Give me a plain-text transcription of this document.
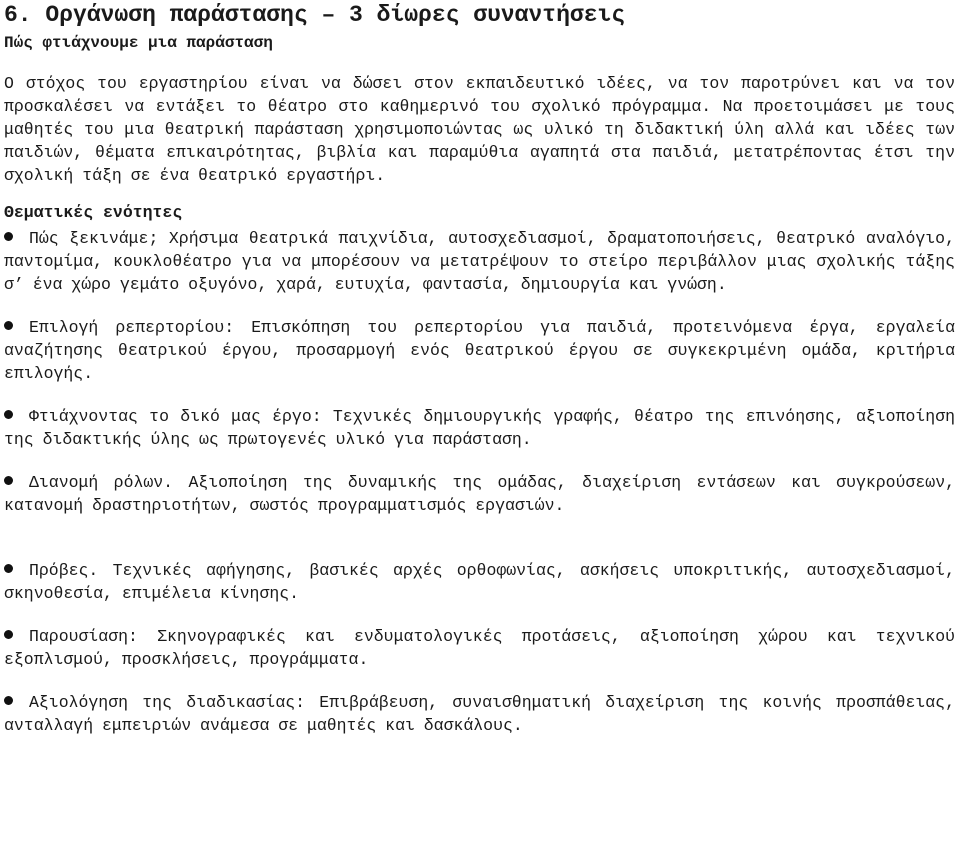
6. Οργάνωση παράστασης – 3 δίωρες συναντήσεις
Πώς φτιάχνουμε μια παράσταση

Ο στόχος του εργαστηρίου είναι να δώσει στον εκπαιδευτικό ιδέες, να τον παροτρύνει και να τον προσκαλέσει να εντάξει το θέατρο στο καθημερινό του σχολικό πρόγραμμα. Να προετοιμάσει με τους μαθητές του μια θεατρική παράσταση χρησιμοποιώντας ως υλικό τη διδακτική ύλη αλλά και ιδέες των παιδιών, θέματα επικαιρότητας, βιβλία και παραμύθια αγαπητά στα παιδιά, μετατρέποντας έτσι την σχολική τάξη σε ένα θεατρικό εργαστήρι.

Θεματικές ενότητες

Πώς ξεκινάμε; Χρήσιμα θεατρικά παιχνίδια, αυτοσχεδιασμοί, δραματοποιήσεις, θεατρικό αναλόγιο, παντομίμα, κουκλοθέατρο για να μπορέσουν να μετατρέψουν το στείρο περιβάλλον μιας σχολικής τάξης σ’ ένα χώρο γεμάτο οξυγόνο, χαρά, ευτυχία, φαντασία, δημιουργία και γνώση.

Επιλογή ρεπερτορίου: Επισκόπηση του ρεπερτορίου για παιδιά, προτεινόμενα έργα, εργαλεία αναζήτησης θεατρικού έργου, προσαρμογή ενός θεατρικού έργου σε συγκεκριμένη ομάδα, κριτήρια επιλογής.

Φτιάχνοντας το δικό μας έργο: Τεχνικές δημιουργικής γραφής, θέατρο της επινόησης, αξιοποίηση της διδακτικής ύλης ως πρωτογενές υλικό για παράσταση.

Διανομή ρόλων. Αξιοποίηση της δυναμικής της ομάδας, διαχείριση εντάσεων και συγκρούσεων, κατανομή δραστηριοτήτων, σωστός προγραμματισμός εργασιών.

Πρόβες. Τεχνικές αφήγησης, βασικές αρχές ορθοφωνίας, ασκήσεις υποκριτικής, αυτοσχεδιασμοί, σκηνοθεσία, επιμέλεια κίνησης.

Παρουσίαση: Σκηνογραφικές και ενδυματολογικές προτάσεις, αξιοποίηση χώρου και τεχνικού εξοπλισμού, προσκλήσεις, προγράμματα.

Αξιολόγηση της διαδικασίας: Επιβράβευση, συναισθηματική διαχείριση της κοινής προσπάθειας, ανταλλαγή εμπειριών ανάμεσα σε μαθητές και δασκάλους.
